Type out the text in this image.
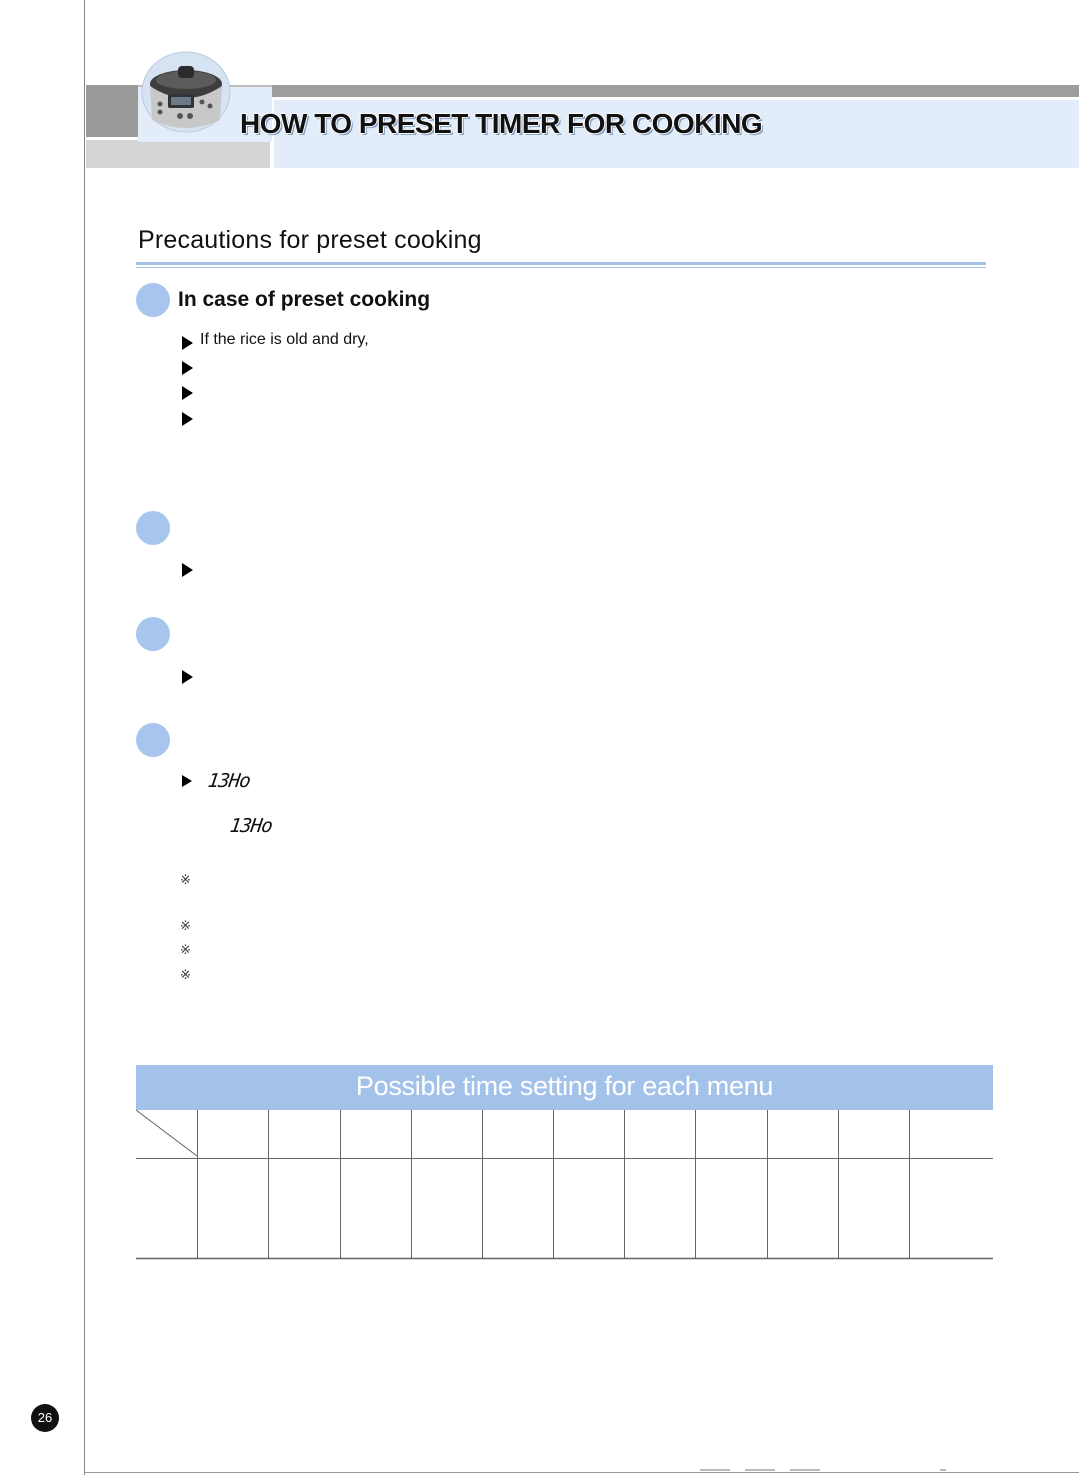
HOW TO PRESET TIMER FOR COOKING
Precautions for preset cooking
In case of preset cooking
If the rice is old and dry,
13Ho
13Ho
※
※
※
※
Possible time setting for each menu
26
